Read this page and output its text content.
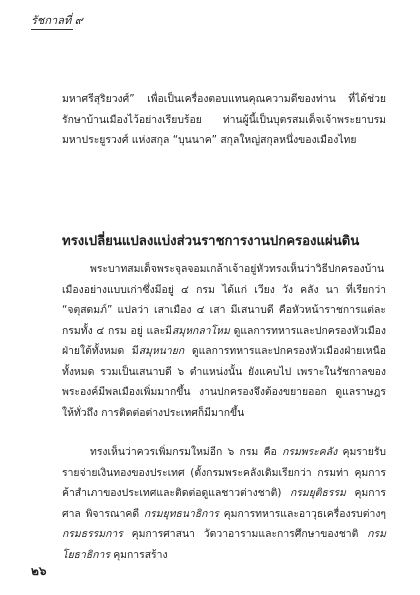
รัชกาลที่ ๙

มหาศรีสุริยวงศ์” เพื่อเป็นเครื่องตอบแทนคุณความดีของท่าน ที่ได้ช่วยรักษาบ้านเมืองไว้อย่างเรียบร้อย ท่านผู้นี้เป็นบุตรสมเด็จเจ้าพระยาบรมมหาประยูรวงศ์ แห่งสกุล “บุนนาค” สกุลใหญ่สกุลหนึ่งของเมืองไทย

ทรงเปลี่ยนแปลงแบ่งส่วนราชการงานปกครองแผ่นดิน

พระบาทสมเด็จพระจุลจอมเกล้าเจ้าอยู่หัวทรงเห็นว่าวิธีปกครองบ้านเมืองอย่างแบบเก่าซึ่งมีอยู่ ๔ กรม ได้แก่ เวียง วัง คลัง นา ที่เรียกว่า “จตุสดมภ์” แปลว่า เสาเมือง ๔ เสา มีเสนาบดี คือหัวหน้าราชการแต่ละกรมทั้ง ๔ กรม อยู่ และมีสมุหกลาโหม ดูแลการทหารและปกครองหัวเมืองฝ่ายใต้ทั้งหมด มีสมุหนายก ดูแลการทหารและปกครองหัวเมืองฝ่ายเหนือทั้งหมด รวมเป็นเสนาบดี ๖ ตำแหน่งนั้น ยังแคบไป เพราะในรัชกาลของพระองค์มีพลเมืองเพิ่มมากขึ้น งานปกครองจึงต้องขยายออก ดูแลราษฎรให้ทั่วถึง การติดต่อต่างประเทศก็มีมากขึ้น

ทรงเห็นว่าควรเพิ่มกรมใหม่อีก ๖ กรม คือ กรมพระคลัง คุมรายรับรายจ่ายเงินทองของประเทศ (ตั้งกรมพระคลังเดิมเรียกว่า กรมท่า คุมการค้าสำเภาของประเทศและติดต่อดูแลชาวต่างชาติ) กรมยุติธรรม คุมการศาล พิจารณาคดี กรมยุทธนาธิการ คุมการทหารและอาวุธเครื่องรบต่างๆ กรมธรรมการ คุมการศาสนา วัดวาอารามและการศึกษาของชาติ กรมโยธาธิการ คุมการสร้าง

๒๖
